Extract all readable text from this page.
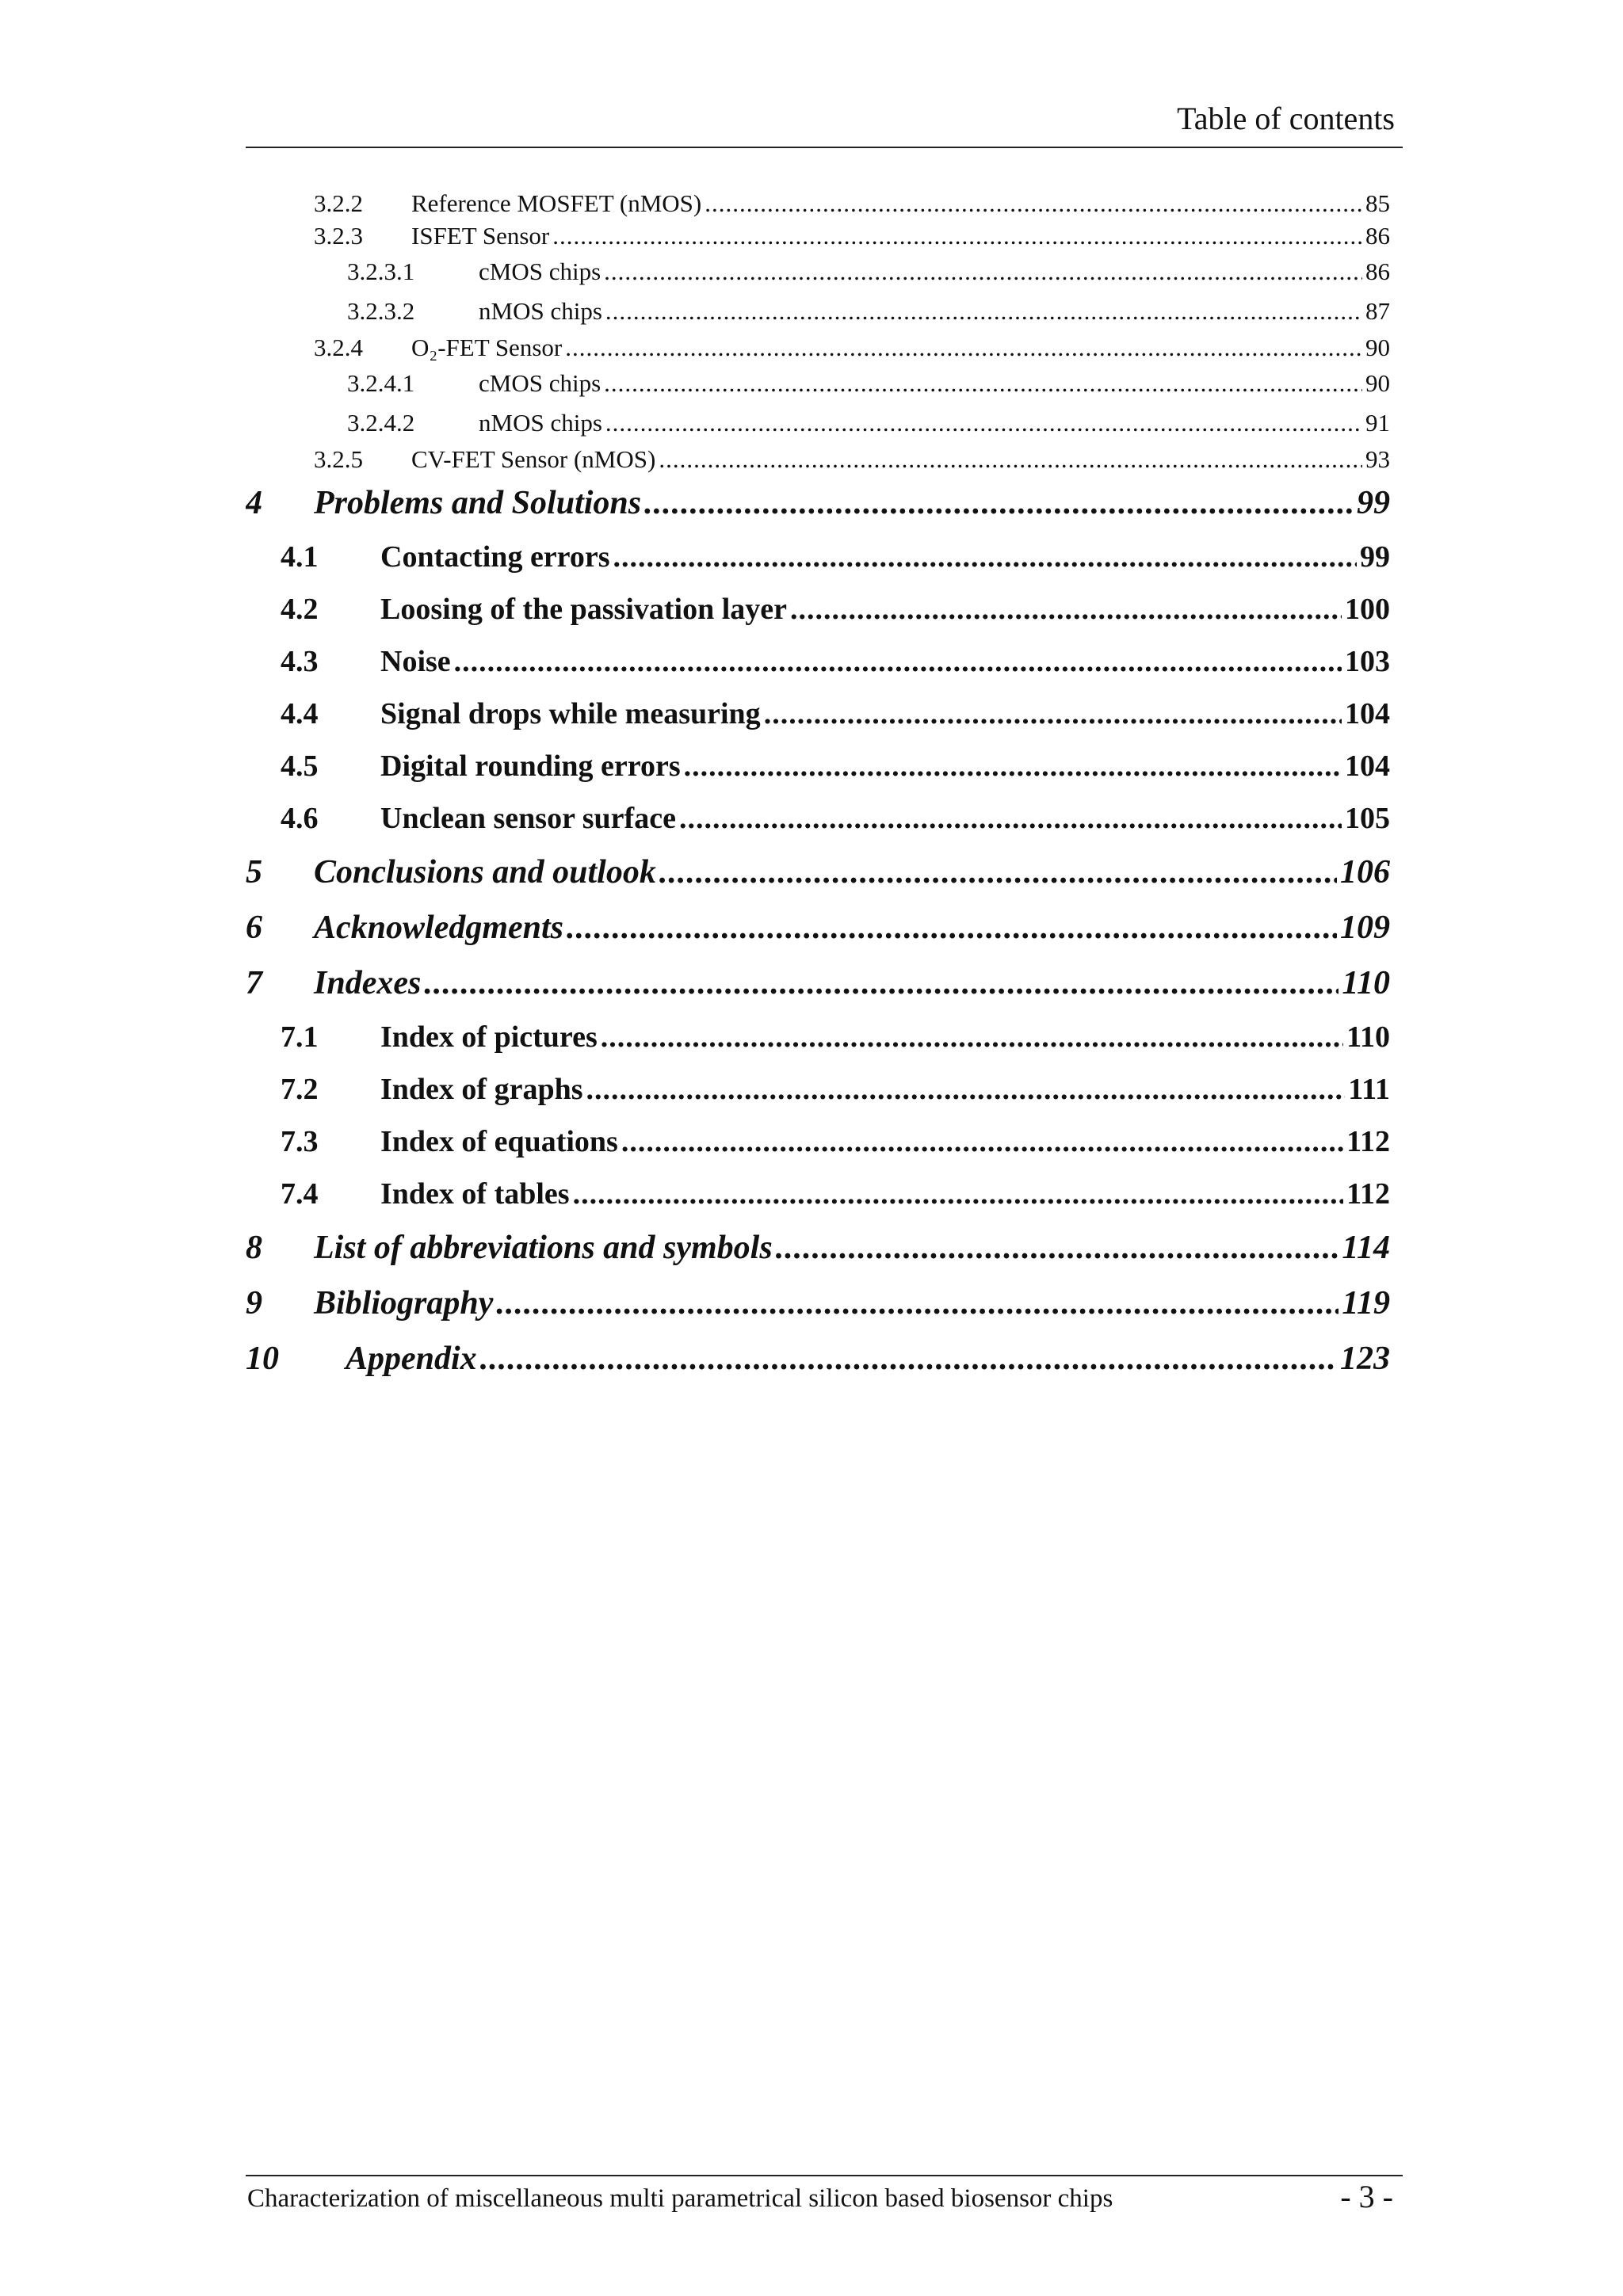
Table of contents
3.2.2	Reference MOSFET (nMOS) .....	85
3.2.3	ISFET Sensor .....	86
3.2.3.1	cMOS chips .....	86
3.2.3.2	nMOS chips .....	87
3.2.4	O₂-FET Sensor .....	90
3.2.4.1	cMOS chips .....	90
3.2.4.2	nMOS chips .....	91
3.2.5	CV-FET Sensor (nMOS) .....	93
4	Problems and Solutions .....	99
4.1	Contacting errors .....	99
4.2	Loosing of the passivation layer .....	100
4.3	Noise .....	103
4.4	Signal drops while measuring .....	104
4.5	Digital rounding errors .....	104
4.6	Unclean sensor surface .....	105
5	Conclusions and outlook .....	106
6	Acknowledgments .....	109
7	Indexes .....	110
7.1	Index of pictures .....	110
7.2	Index of graphs .....	111
7.3	Index of equations .....	112
7.4	Index of tables .....	112
8	List of abbreviations and symbols .....	114
9	Bibliography .....	119
10	Appendix .....	123
Characterization of miscellaneous multi parametrical silicon based biosensor chips	- 3 -
